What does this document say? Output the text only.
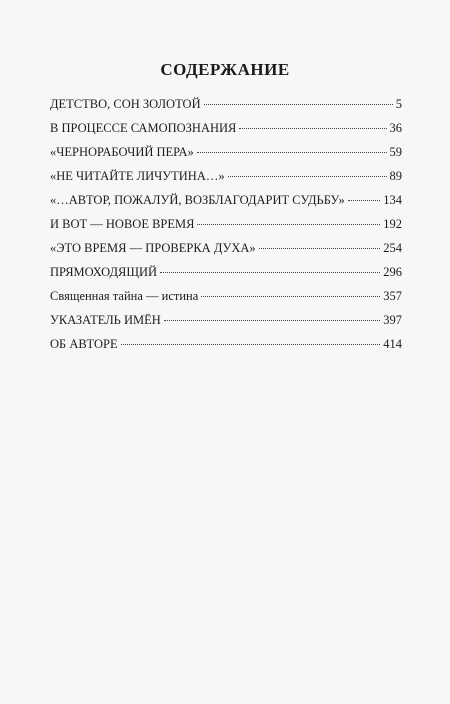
СОДЕРЖАНИЕ
ДЕТСТВО, СОН ЗОЛОТОЙ	5
В ПРОЦЕССЕ САМОПОЗНАНИЯ	36
«ЧЕРНОРАБОЧИЙ ПЕРА»	59
«НЕ ЧИТАЙТЕ ЛИЧУТИНА…»	89
«…АВТОР, ПОЖАЛУЙ, ВОЗБЛАГОДАРИТ СУДЬБУ»	134
И ВОТ — НОВОЕ ВРЕМЯ	192
«ЭТО ВРЕМЯ — ПРОВЕРКА ДУХА»	254
ПРЯМОХОДЯЩИЙ	296
Священная тайна — истина	357
УКАЗАТЕЛЬ ИМЁН	397
ОБ АВТОРЕ	414
